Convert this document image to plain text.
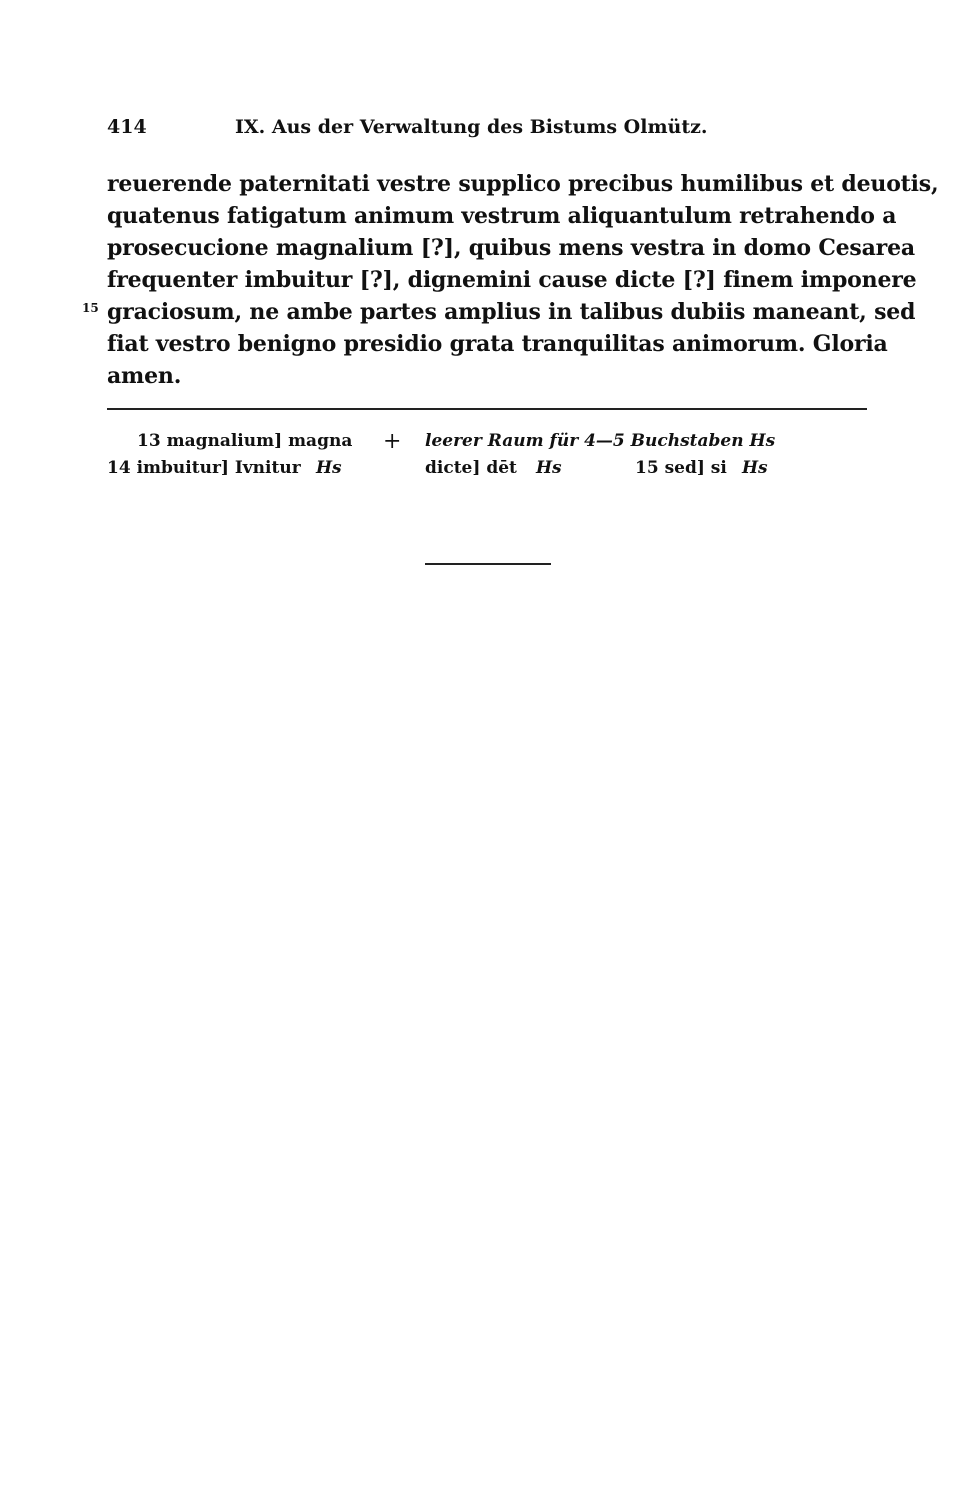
414	IX. Aus der Verwaltung des Bistums Olmütz.
reuerende paternitati vestre supplico precibus humilibus et deuotis,
quatenus fatigatum animum vestrum aliquantulum retrahendo a
prosecucione magnalium [?], quibus mens vestra in domo Cesarea
frequenter imbuitur [?], dignemini cause dicte [?] finem imponere
graciosum, ne ambe partes amplius in talibus dubiis maneant, sed
fiat vestro benigno presidio grata tranquilitas animorum. Gloria
amen.
15
13 magnalium] magna + leerer Raum für 4—5 Buchstaben Hs
14 imbuitur] Ivnitur Hs	dicte] dēt Hs	15 sed] si Hs
